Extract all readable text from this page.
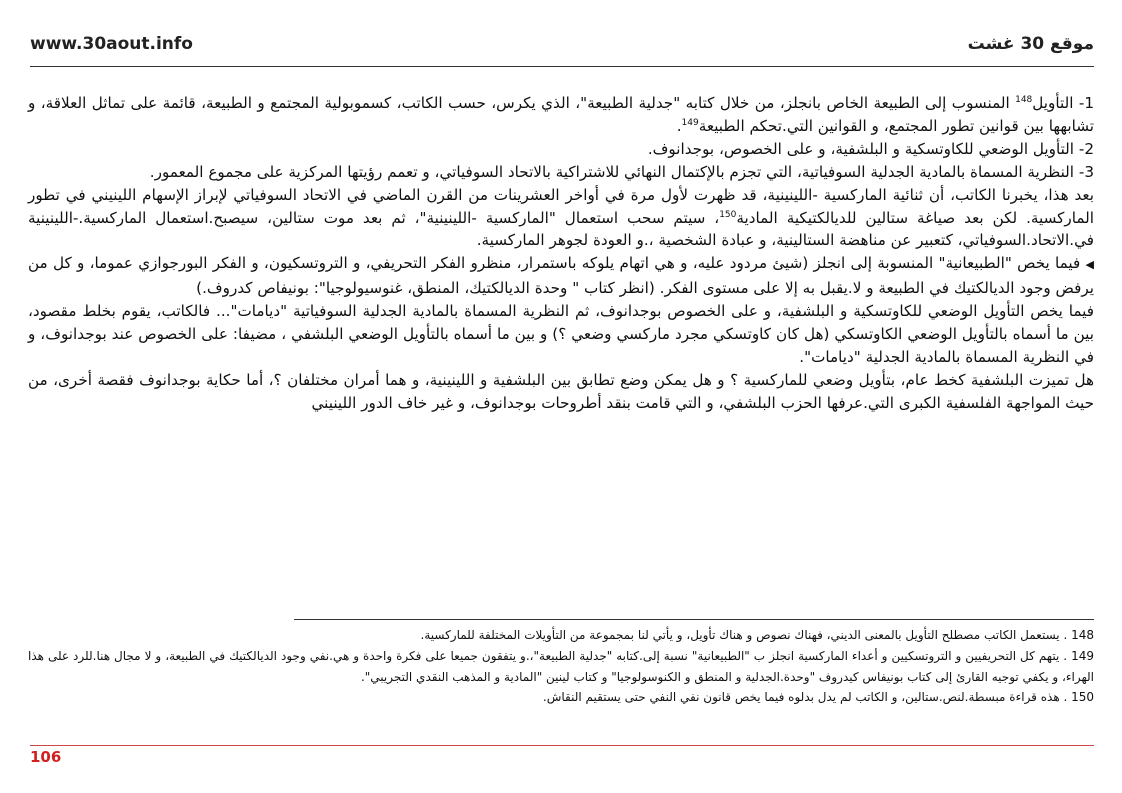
www.30aout.info	موقع 30 غشت

1- التأويل$^{148}$ المنسوب إلى الطبيعة الخاص بانجلز، من خلال كتابه "جدلية الطبيعة"، الذي يكرس، حسب الكاتب، كسموبولية المجتمع و الطبيعة، قائمة على تماثل العلاقة، و تشابهها بين قوانين تطور المجتمع، و القوانين التي.تحكم الطبيعة$^{149}$.

2- التأويل الوضعي للكاوتسكية و البلشفية، و على الخصوص، بوجدانوف.

3- النظرية المسماة بالمادية الجدلية السوفياتية، التي تجزم بالإكتمال النهائي للاشتراكية بالاتحاد السوفياتي، و تعمم رؤيتها المركزية على مجموع المعمور.

بعد هذا، يخبرنا الكاتب، أن ثنائية الماركسية -اللينينية، قد ظهرت لأول مرة في أواخر العشرينات من القرن الماضي في الاتحاد السوفياتي لإبراز الإسهام اللينيني في تطور الماركسية. لكن بعد صياغة ستالين للديالكتيكية المادية$^{150}$، سيتم سحب استعمال "الماركسية -اللينينية"، ثم بعد موت ستالين، سيصبح.استعمال الماركسية.-اللينينية في.الاتحاد.السوفياتي، كتعبير عن مناهضة الستالينية، و عبادة الشخصية ،.و العودة لجوهر الماركسية.

◀ فيما يخص "الطبيعانية" المنسوبة إلى انجلز (شيئ مردود عليه، و هي اتهام يلوكه باستمرار، منظرو الفكر التحريفي، و التروتسكيون، و الفكر البورجوازي عموما، و كل من يرفض وجود الديالكتيك في الطبيعة و لا.يقبل به إلا على مستوى الفكر. (انظر كتاب " وحدة الديالكتيك، المنطق، غنوسيولوجيا": بونيفاص كدروف.)

فيما يخص التأويل الوضعي للكاوتسكية و البلشفية، و على الخصوص بوجدانوف، ثم النظرية المسماة بالمادية الجدلية السوفياتية "ديامات"... فالكاتب، يقوم بخلط مقصود، بين ما أسماه بالتأويل الوضعي الكاوتسكي (هل كان كاوتسكي مجرد ماركسي وضعي ؟) و بين ما أسماه بالتأويل الوضعي البلشفي ، مضيفا: على الخصوص عند بوجدانوف، و في النظرية المسماة بالمادية الجدلية "ديامات".

هل تميزت البلشفية كخط عام، بتأويل وضعي للماركسية ؟ و هل يمكن وضع تطابق بين البلشفية و اللينينية، و هما أمران مختلفان ؟، أما حكاية بوجدانوف فقصة أخرى، من حيث المواجهة الفلسفية الكبرى التي.عرفها الحزب البلشفي، و التي قامت بنقد أطروحات بوجدانوف، و غير خاف الدور اللينيني

148 . يستعمل الكاتب مصطلح التأويل بالمعنى الديني، فهناك نصوص و هناك تأويل، و يأتي لنا بمجموعة من التأويلات المختلفة للماركسية.

149 . يتهم كل التحريفيين و التروتسكيين و أعداء الماركسية انجلز ب "الطبيعانية" نسبة إلى.كتابه "جدلية الطبيعة"،.و يتفقون جميعا على فكرة واحدة و هي.نفي وجود الديالكتيك في الطبيعة، و لا مجال هنا.للرد على هذا الهراء، و يكفي توجيه القارئ إلى كتاب بونيفاس كيدروف "وحدة.الجدلية و المنطق و الكنوسولوجيا" و كتاب لينين "المادية و المذهب النقدي التجريبي".

150 . هذه قراءة مبسطة.لنص.ستالين، و الكاتب لم يدل بدلوه فيما يخص قانون نفي النفي حتى يستقيم النقاش.

106
